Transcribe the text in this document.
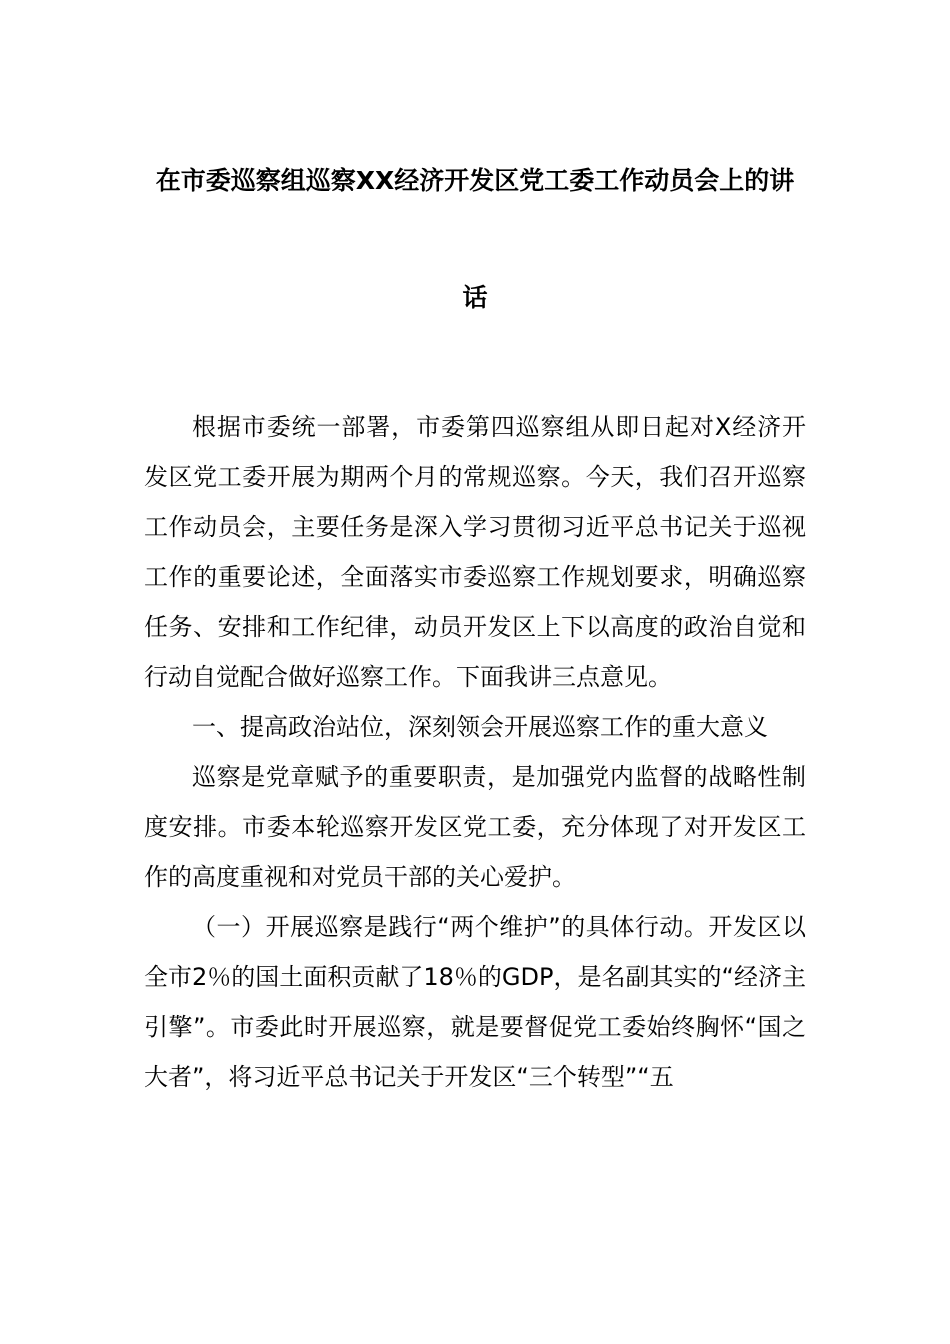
在市委巡察组巡察XX经济开发区党工委工作动员会上的讲
话

根据市委统一部署，市委第四巡察组从即日起对X经济开发区党工委开展为期两个月的常规巡察。今天，我们召开巡察工作动员会，主要任务是深入学习贯彻习近平总书记关于巡视工作的重要论述，全面落实市委巡察工作规划要求，明确巡察任务、安排和工作纪律，动员开发区上下以高度的政治自觉和行动自觉配合做好巡察工作。下面我讲三点意见。

一、提高政治站位，深刻领会开展巡察工作的重大意义

巡察是党章赋予的重要职责，是加强党内监督的战略性制度安排。市委本轮巡察开发区党工委，充分体现了对开发区工作的高度重视和对党员干部的关心爱护。

（一）开展巡察是践行“两个维护”的具体行动。开发区以全市2％的国土面积贡献了18％的GDP，是名副其实的“经济主引擎”。市委此时开展巡察，就是要督促党工委始终胸怀“国之大者”，将习近平总书记关于开发区“三个转型”“五
